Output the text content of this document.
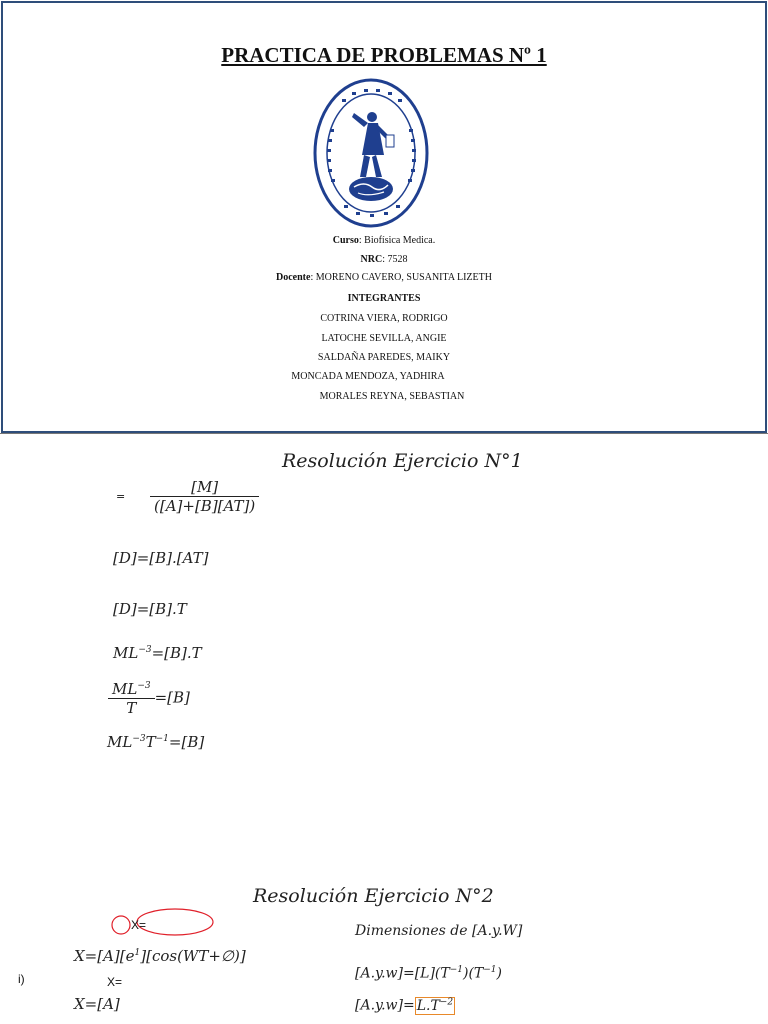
PRACTICA DE PROBLEMAS Nº 1
Curso: Biofísica Medica.
NRC: 7528
Docente: MORENO CAVERO, SUSANITA LIZETH
INTEGRANTES
COTRINA VIERA, RODRIGO
LATOCHE SEVILLA, ANGIE
SALDAÑA PAREDES, MAIKY
MONCADA MENDOZA, YADHIRA
MORALES REYNA, SEBASTIAN
Resolución Ejercicio N°1
= $\frac{[M]}{([A]+[B][AT])}$
[D]=[B].[AT]
[D]=[B].T
$ML^{-3}=[B].T$
$\frac{ML^{-3}}{T} =[B]$
$ML^{-3}T^{-1}=[B]$
Resolución Ejercicio N°2
X=
$X=[A][e^1][\cos(WT+\emptyset)]$
i)	X=
X=[A]
Dimensiones de [A.y.W]
$[A.y.w]=[L](T^{-1})(T^{-1})$
$[A.y.w]= L.T^{-2}$
